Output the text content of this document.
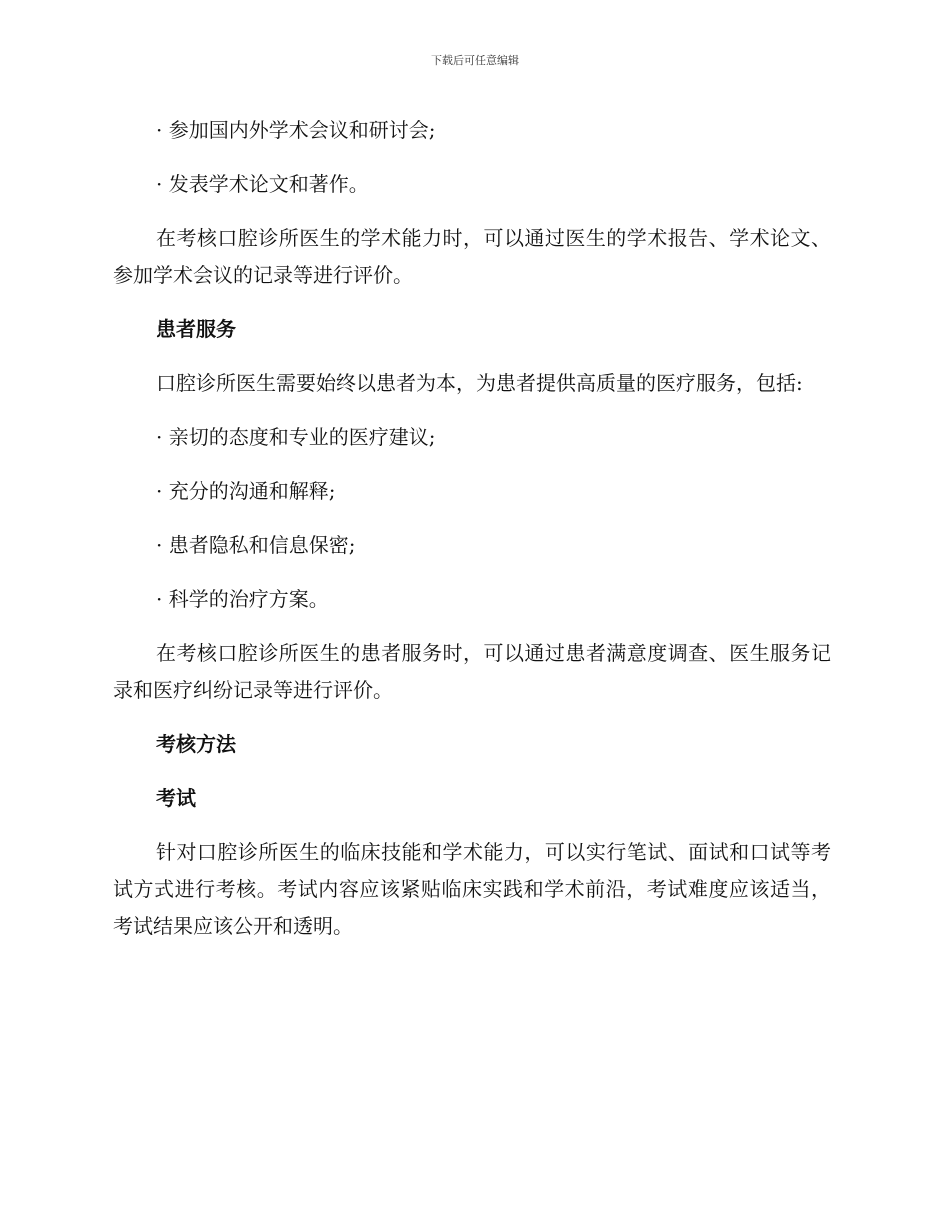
下载后可任意编辑

· 参加国内外学术会议和研讨会;

· 发表学术论文和著作。

在考核口腔诊所医生的学术能力时，可以通过医生的学术报告、学术论文、参加学术会议的记录等进行评价。

患者服务

口腔诊所医生需要始终以患者为本，为患者提供高质量的医疗服务，包括:

· 亲切的态度和专业的医疗建议;

· 充分的沟通和解释;

· 患者隐私和信息保密;

· 科学的治疗方案。

在考核口腔诊所医生的患者服务时，可以通过患者满意度调查、医生服务记录和医疗纠纷记录等进行评价。

考核方法

考试

针对口腔诊所医生的临床技能和学术能力，可以实行笔试、面试和口试等考试方式进行考核。考试内容应该紧贴临床实践和学术前沿，考试难度应该适当，考试结果应该公开和透明。
